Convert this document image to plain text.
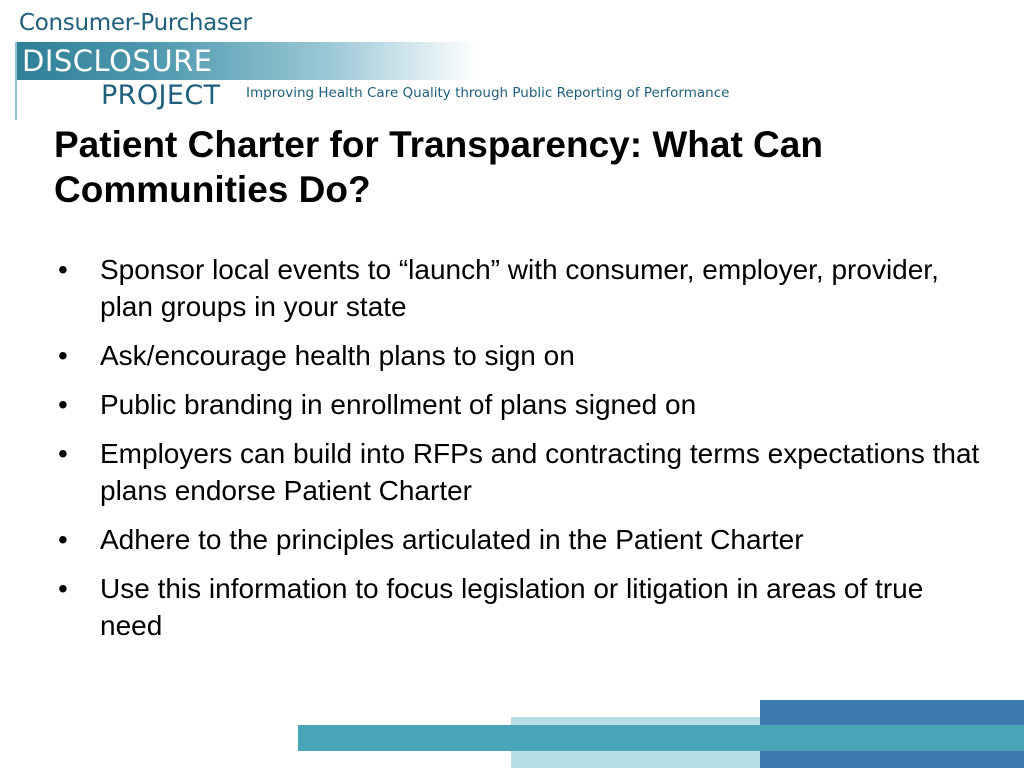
Consumer-Purchaser
DISCLOSURE
PROJECT Improving Health Care Quality through Public Reporting of Performance
Patient Charter for Transparency: What Can Communities Do?
•	Sponsor local events to “launch” with consumer, employer, provider, plan groups in your state
•	Ask/encourage health plans to sign on
•	Public branding in enrollment of plans signed on
•	Employers can build into RFPs and contracting terms expectations that plans endorse Patient Charter
•	Adhere to the principles articulated in the Patient Charter
•	Use this information to focus legislation or litigation in areas of true need
